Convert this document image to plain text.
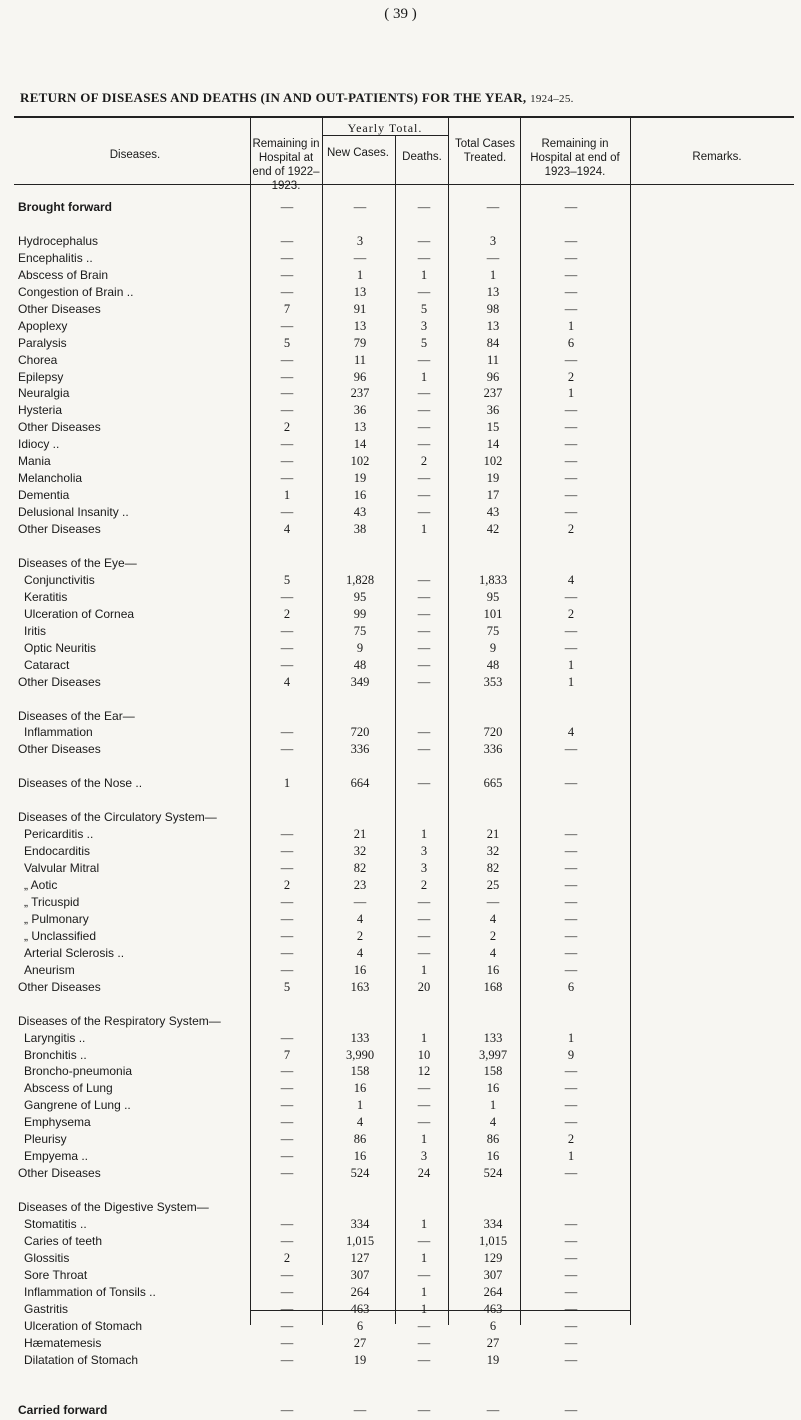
( 39 )
RETURN OF DISEASES AND DEATHS (IN AND OUT-PATIENTS) FOR THE YEAR, 1924–25.
Diseases.
Remaining in Hospital at end of 1922–1923.
Yearly Total.
New Cases.	Deaths.
Total Cases Treated.
Remaining in Hospital at end of 1923–1924.
Remarks.
Brought forward	—	—	—	—	—
Hydrocephalus	—	3	—	3	—
Encephalitis ..	—	—	—	—	—
Abscess of Brain	—	1	1	1	—
Congestion of Brain ..	—	13	—	13	—
Other Diseases	7	91	5	98	—
Apoplexy	—	13	3	13	1
Paralysis	5	79	5	84	6
Chorea	—	11	—	11	—
Epilepsy	—	96	1	96	2
Neuralgia	—	237	—	237	1
Hysteria	—	36	—	36	—
Other Diseases	2	13	—	15	—
Idiocy ..	—	14	—	14	—
Mania	—	102	2	102	—
Melancholia	—	19	—	19	—
Dementia	1	16	—	17	—
Delusional Insanity ..	—	43	—	43	—
Other Diseases	4	38	1	42	2
Diseases of the Eye—
Conjunctivitis	5	1,828	—	1,833	4
Keratitis	—	95	—	95	—
Ulceration of Cornea	2	99	—	101	2
Iritis	—	75	—	75	—
Optic Neuritis	—	9	—	9	—
Cataract	—	48	—	48	1
Other Diseases	4	349	—	353	1
Diseases of the Ear—
Inflammation	—	720	—	720	4
Other Diseases	—	336	—	336	—
Diseases of the Nose ..	1	664	—	665	—
Diseases of the Circulatory System—
Pericarditis ..	—	21	1	21	—
Endocarditis	—	32	3	32	—
Valvular Mitral	—	82	3	82	—
„ Aotic	2	23	2	25	—
„ Tricuspid	—	—	—	—	—
„ Pulmonary	—	4	—	4	—
„ Unclassified	—	2	—	2	—
Arterial Sclerosis ..	—	4	—	4	—
Aneurism	—	16	1	16	—
Other Diseases	5	163	20	168	6
Diseases of the Respiratory System—
Laryngitis ..	—	133	1	133	1
Bronchitis ..	7	3,990	10	3,997	9
Broncho-pneumonia	—	158	12	158	—
Abscess of Lung	—	16	—	16	—
Gangrene of Lung ..	—	1	—	1	—
Emphysema	—	4	—	4	—
Pleurisy	—	86	1	86	2
Empyema ..	—	16	3	16	1
Other Diseases	—	524	24	524	—
Diseases of the Digestive System—
Stomatitis ..	—	334	1	334	—
Caries of teeth	—	1,015	—	1,015	—
Glossitis	2	127	1	129	—
Sore Throat	—	307	—	307	—
Inflammation of Tonsils ..	—	264	1	264	—
Gastritis	—	463	1	463	—
Ulceration of Stomach	—	6	—	6	—
Hæmatemesis	—	27	—	27	—
Dilatation of Stomach	—	19	—	19	—
Carried forward	—	—	—	—	—
